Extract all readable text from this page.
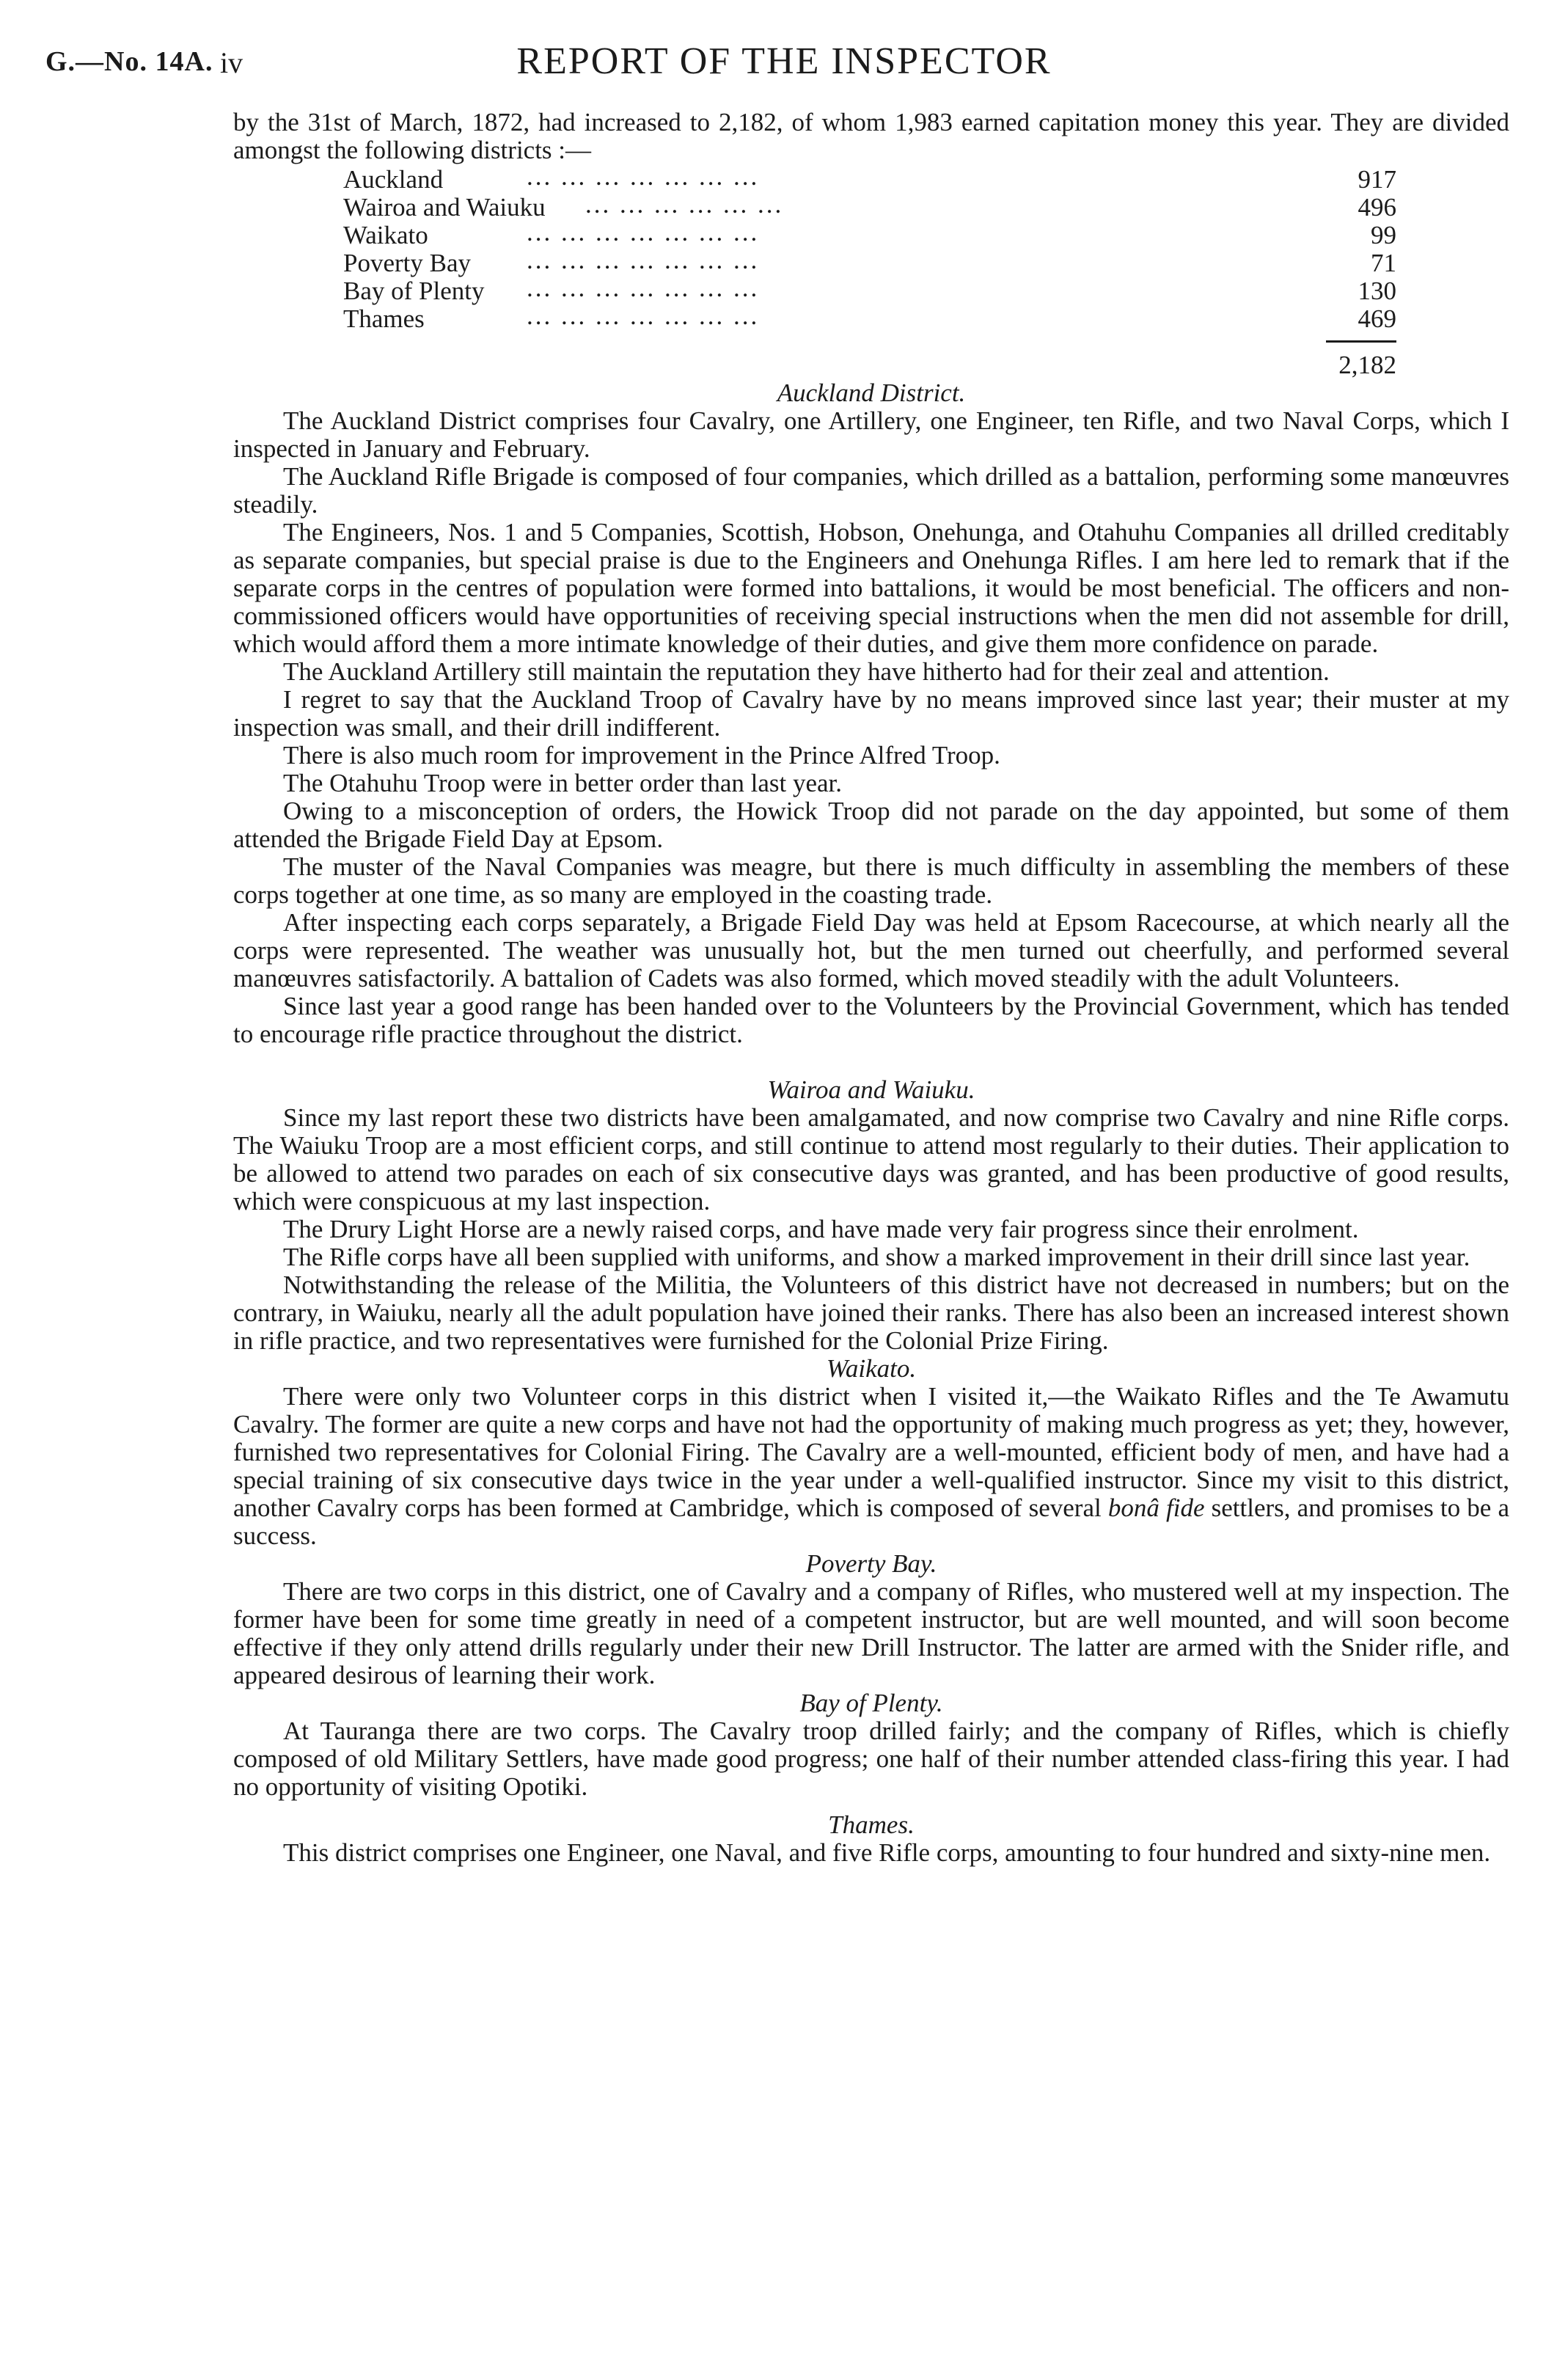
G.—No. 14A. iv	REPORT OF THE INSPECTOR

by the 31st of March, 1872, had increased to 2,182, of whom 1,983 earned capitation money this year. They are divided amongst the following districts :—

Auckland	... ... ... ... ... ... ...	917
Wairoa and Waiuku ... ... ... ... ... ...	496
Waikato	... ... ... ... ... ... ...	99
Poverty Bay ... ... ... ... ... ... ...	71
Bay of Plenty ... ... ... ... ... ... ...	130
Thames	... ... ... ... ... ... ...	469
2,182
Auckland District.

The Auckland District comprises four Cavalry, one Artillery, one Engineer, ten Rifle, and two Naval Corps, which I inspected in January and February.

The Auckland Rifle Brigade is composed of four companies, which drilled as a battalion, performing some manœuvres steadily.

The Engineers, Nos. 1 and 5 Companies, Scottish, Hobson, Onehunga, and Otahuhu Companies all drilled creditably as separate companies, but special praise is due to the Engineers and Onehunga Rifles. I am here led to remark that if the separate corps in the centres of population were formed into battalions, it would be most beneficial. The officers and non-commissioned officers would have opportunities of receiving special instructions when the men did not assemble for drill, which would afford them a more intimate knowledge of their duties, and give them more confidence on parade.

The Auckland Artillery still maintain the reputation they have hitherto had for their zeal and attention.

I regret to say that the Auckland Troop of Cavalry have by no means improved since last year; their muster at my inspection was small, and their drill indifferent.

There is also much room for improvement in the Prince Alfred Troop.

The Otahuhu Troop were in better order than last year.

Owing to a misconception of orders, the Howick Troop did not parade on the day appointed, but some of them attended the Brigade Field Day at Epsom.

The muster of the Naval Companies was meagre, but there is much difficulty in assembling the members of these corps together at one time, as so many are employed in the coasting trade.

After inspecting each corps separately, a Brigade Field Day was held at Epsom Racecourse, at which nearly all the corps were represented. The weather was unusually hot, but the men turned out cheerfully, and performed several manœuvres satisfactorily. A battalion of Cadets was also formed, which moved steadily with the adult Volunteers.

Since last year a good range has been handed over to the Volunteers by the Provincial Government, which has tended to encourage rifle practice throughout the district.

Wairoa and Waiuku.

Since my last report these two districts have been amalgamated, and now comprise two Cavalry and nine Rifle corps. The Waiuku Troop are a most efficient corps, and still continue to attend most regularly to their duties. Their application to be allowed to attend two parades on each of six consecutive days was granted, and has been productive of good results, which were conspicuous at my last inspection.

The Drury Light Horse are a newly raised corps, and have made very fair progress since their enrolment.

The Rifle corps have all been supplied with uniforms, and show a marked improvement in their drill since last year.

Notwithstanding the release of the Militia, the Volunteers of this district have not decreased in numbers; but on the contrary, in Waiuku, nearly all the adult population have joined their ranks. There has also been an increased interest shown in rifle practice, and two representatives were furnished for the Colonial Prize Firing.

Waikato.

There were only two Volunteer corps in this district when I visited it,—the Waikato Rifles and the Te Awamutu Cavalry. The former are quite a new corps and have not had the opportunity of making much progress as yet; they, however, furnished two representatives for Colonial Firing. The Cavalry are a well-mounted, efficient body of men, and have had a special training of six consecutive days twice in the year under a well-qualified instructor. Since my visit to this district, another Cavalry corps has been formed at Cambridge, which is composed of several bonâ fide settlers, and promises to be a success.

Poverty Bay.

There are two corps in this district, one of Cavalry and a company of Rifles, who mustered well at my inspection. The former have been for some time greatly in need of a competent instructor, but are well mounted, and will soon become effective if they only attend drills regularly under their new Drill Instructor. The latter are armed with the Snider rifle, and appeared desirous of learning their work.

Bay of Plenty.

At Tauranga there are two corps. The Cavalry troop drilled fairly; and the company of Rifles, which is chiefly composed of old Military Settlers, have made good progress; one half of their number attended class-firing this year. I had no opportunity of visiting Opotiki.

Thames.

This district comprises one Engineer, one Naval, and five Rifle corps, amounting to four hundred and sixty-nine men.
